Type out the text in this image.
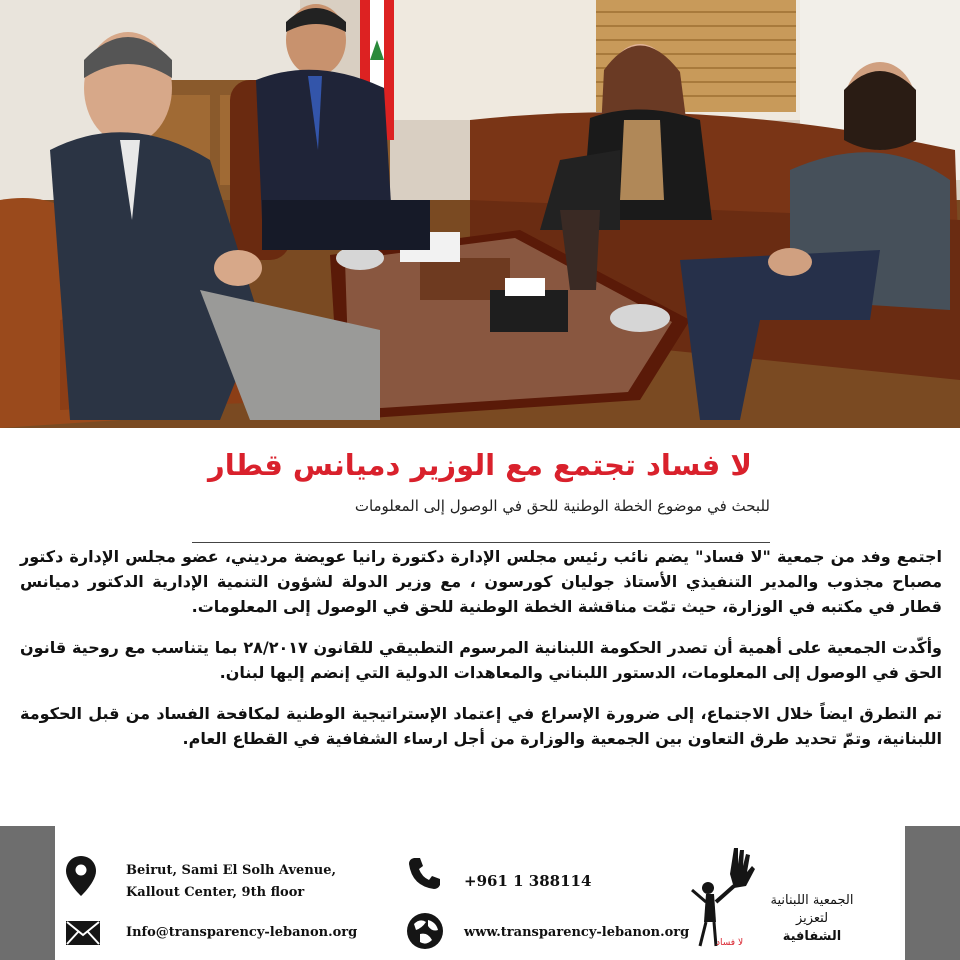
لا فساد تجتمع مع الوزير دميانس قطار
للبحث في موضوع الخطة الوطنية للحق في الوصول إلى المعلومات

اجتمع وفد من جمعية "لا فساد" يضم نائب رئيس مجلس الإدارة دكتورة رانيا عويضة مرديني، عضو مجلس الإدارة دكتور مصباح مجذوب والمدير التنفيذي الأستاذ جوليان كورسون ، مع وزير الدولة لشؤون التنمية الإدارية الدكتور دميانس قطار في مكتبه في الوزارة، حيث تمّت مناقشة الخطة الوطنية للحق في الوصول إلى المعلومات.

وأكّدت الجمعية على أهمية أن تصدر الحكومة اللبنانية المرسوم التطبيقي للقانون ٢٨/٢٠١٧ بما يتناسب مع روحية قانون الحق في الوصول إلى المعلومات، الدستور اللبناني والمعاهدات الدولية التي إنضم إليها لبنان.

تم التطرق ايضاً خلال الاجتماع، إلى ضرورة الإسراع في إعتماد الإستراتيجية الوطنية لمكافحة الفساد من قبل الحكومة اللبنانية، وتمّ تحديد طرق التعاون بين الجمعية والوزارة من أجل ارساء الشفافية في القطاع العام.

Beirut, Sami El Solh Avenue,
Kallout Center, 9th floor
Info@transparency-lebanon.org
+961 1 388114
www.transparency-lebanon.org
الجمعية اللبنانية
لتعزيز
الشفافية
لا فساد
